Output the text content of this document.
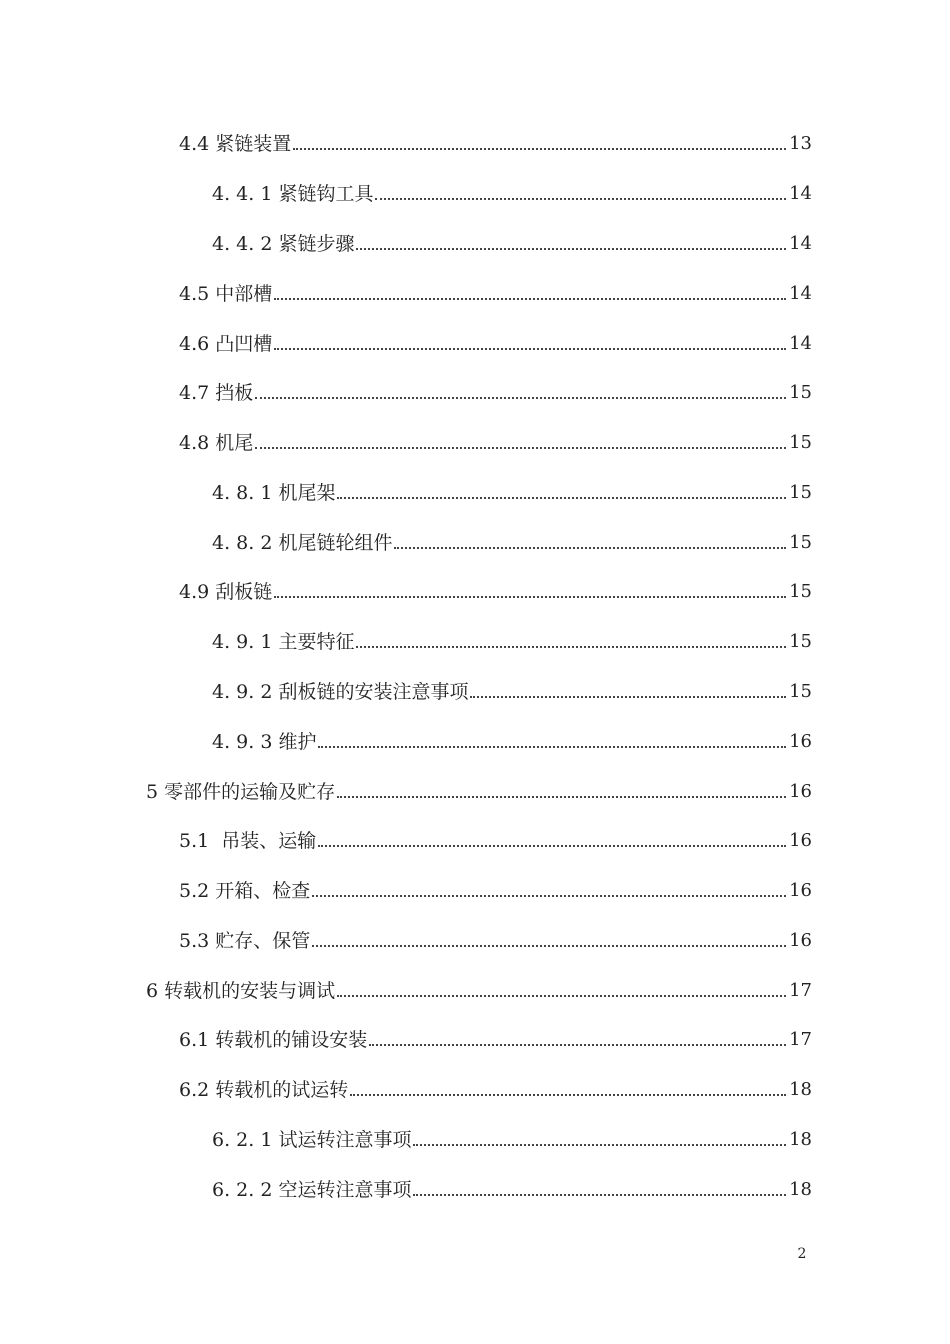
4.4 紧链装置	13
4. 4. 1 紧链钩工具	14
4. 4. 2 紧链步骤	14
4.5 中部槽	14
4.6 凸凹槽	14
4.7 挡板	15
4.8 机尾	15
4. 8. 1 机尾架	15
4. 8. 2 机尾链轮组件	15
4.9 刮板链	15
4. 9. 1 主要特征	15
4. 9. 2 刮板链的安装注意事项	15
4. 9. 3 维护	16
5 零部件的运输及贮存	16
5.1  吊装、运输	16
5.2 开箱、检查	16
5.3 贮存、保管	16
6 转载机的安装与调试	17
6.1 转载机的铺设安装	17
6.2 转载机的试运转	18
6. 2. 1 试运转注意事项	18
6. 2. 2 空运转注意事项	18
2
